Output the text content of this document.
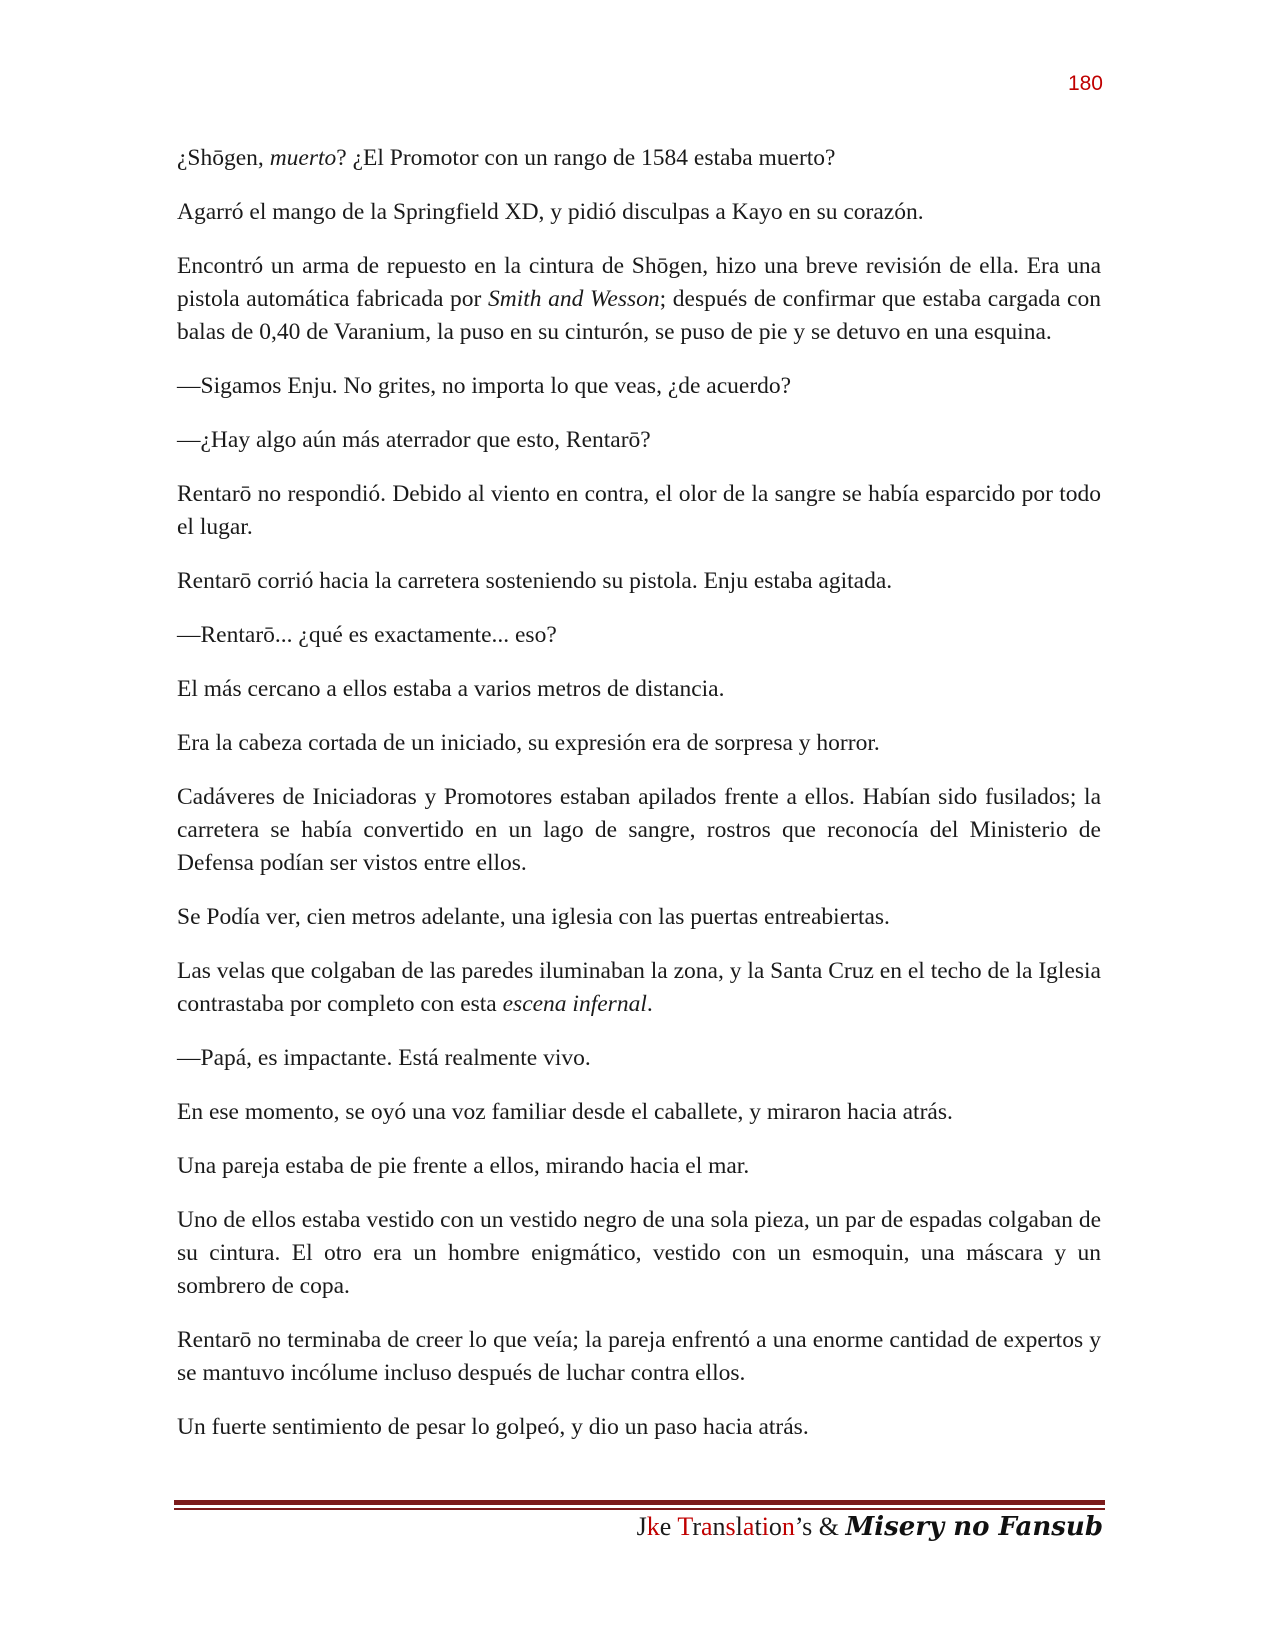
180

¿Shōgen, muerto? ¿El Promotor con un rango de 1584 estaba muerto?

Agarró el mango de la Springfield XD, y pidió disculpas a Kayo en su corazón.

Encontró un arma de repuesto en la cintura de Shōgen, hizo una breve revisión de ella. Era una pistola automática fabricada por Smith and Wesson; después de confirmar que estaba cargada con balas de 0,40 de Varanium, la puso en su cinturón, se puso de pie y se detuvo en una esquina.

—Sigamos Enju. No grites, no importa lo que veas, ¿de acuerdo?

—¿Hay algo aún más aterrador que esto, Rentarō?

Rentarō no respondió. Debido al viento en contra, el olor de la sangre se había esparcido por todo el lugar.

Rentarō corrió hacia la carretera sosteniendo su pistola. Enju estaba agitada.

—Rentarō... ¿qué es exactamente... eso?

El más cercano a ellos estaba a varios metros de distancia.

Era la cabeza cortada de un iniciado, su expresión era de sorpresa y horror.

Cadáveres de Iniciadoras y Promotores estaban apilados frente a ellos. Habían sido fusilados; la carretera se había convertido en un lago de sangre, rostros que reconocía del Ministerio de Defensa podían ser vistos entre ellos.

Se Podía ver, cien metros adelante, una iglesia con las puertas entreabiertas.

Las velas que colgaban de las paredes iluminaban la zona, y la Santa Cruz en el techo de la Iglesia contrastaba por completo con esta escena infernal.

—Papá, es impactante. Está realmente vivo.

En ese momento, se oyó una voz familiar desde el caballete, y miraron hacia atrás.

Una pareja estaba de pie frente a ellos, mirando hacia el mar.

Uno de ellos estaba vestido con un vestido negro de una sola pieza, un par de espadas colgaban de su cintura. El otro era un hombre enigmático, vestido con un esmoquin, una máscara y un sombrero de copa.

Rentarō no terminaba de creer lo que veía; la pareja enfrentó a una enorme cantidad de expertos y se mantuvo incólume incluso después de luchar contra ellos.

Un fuerte sentimiento de pesar lo golpeó, y dio un paso hacia atrás.

Jke Translation’s & Misery no Fansub
